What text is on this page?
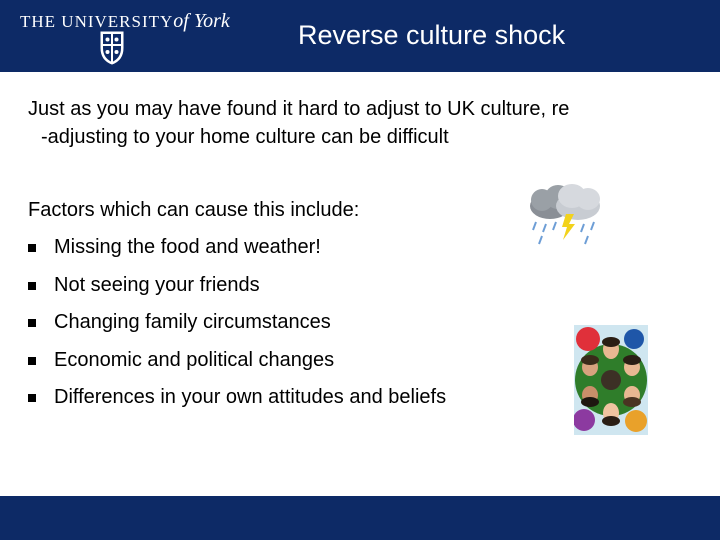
THE UNIVERSITYof York	Reverse culture shock
Just as you may have found it hard to adjust to UK culture, re
-adjusting to your home culture can be difficult
Factors which can cause this include:
Missing the food and weather!
Not seeing your friends
Changing family circumstances
Economic and political changes
Differences in your own attitudes and beliefs
